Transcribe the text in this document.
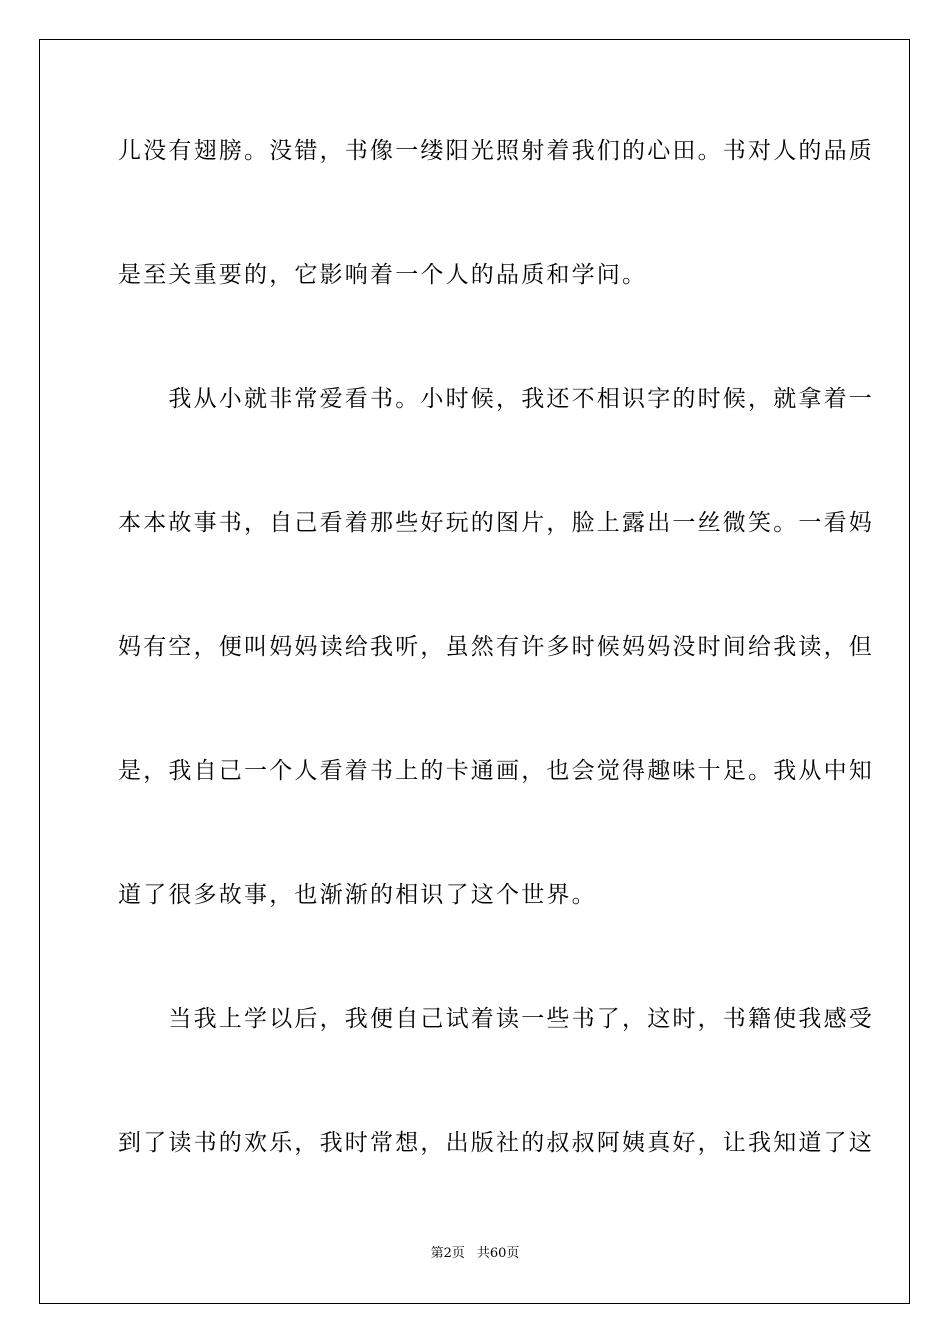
儿没有翅膀。没错，书像一缕阳光照射着我们的心田。书对人的品质
是至关重要的，它影响着一个人的品质和学问。
　　我从小就非常爱看书。小时候，我还不相识字的时候，就拿着一
本本故事书，自己看着那些好玩的图片，脸上露出一丝微笑。一看妈
妈有空，便叫妈妈读给我听，虽然有许多时候妈妈没时间给我读，但
是，我自己一个人看着书上的卡通画，也会觉得趣味十足。我从中知
道了很多故事，也渐渐的相识了这个世界。
　　当我上学以后，我便自己试着读一些书了，这时，书籍使我感受
到了读书的欢乐，我时常想，出版社的叔叔阿姨真好，让我知道了这
第2页 共60页
